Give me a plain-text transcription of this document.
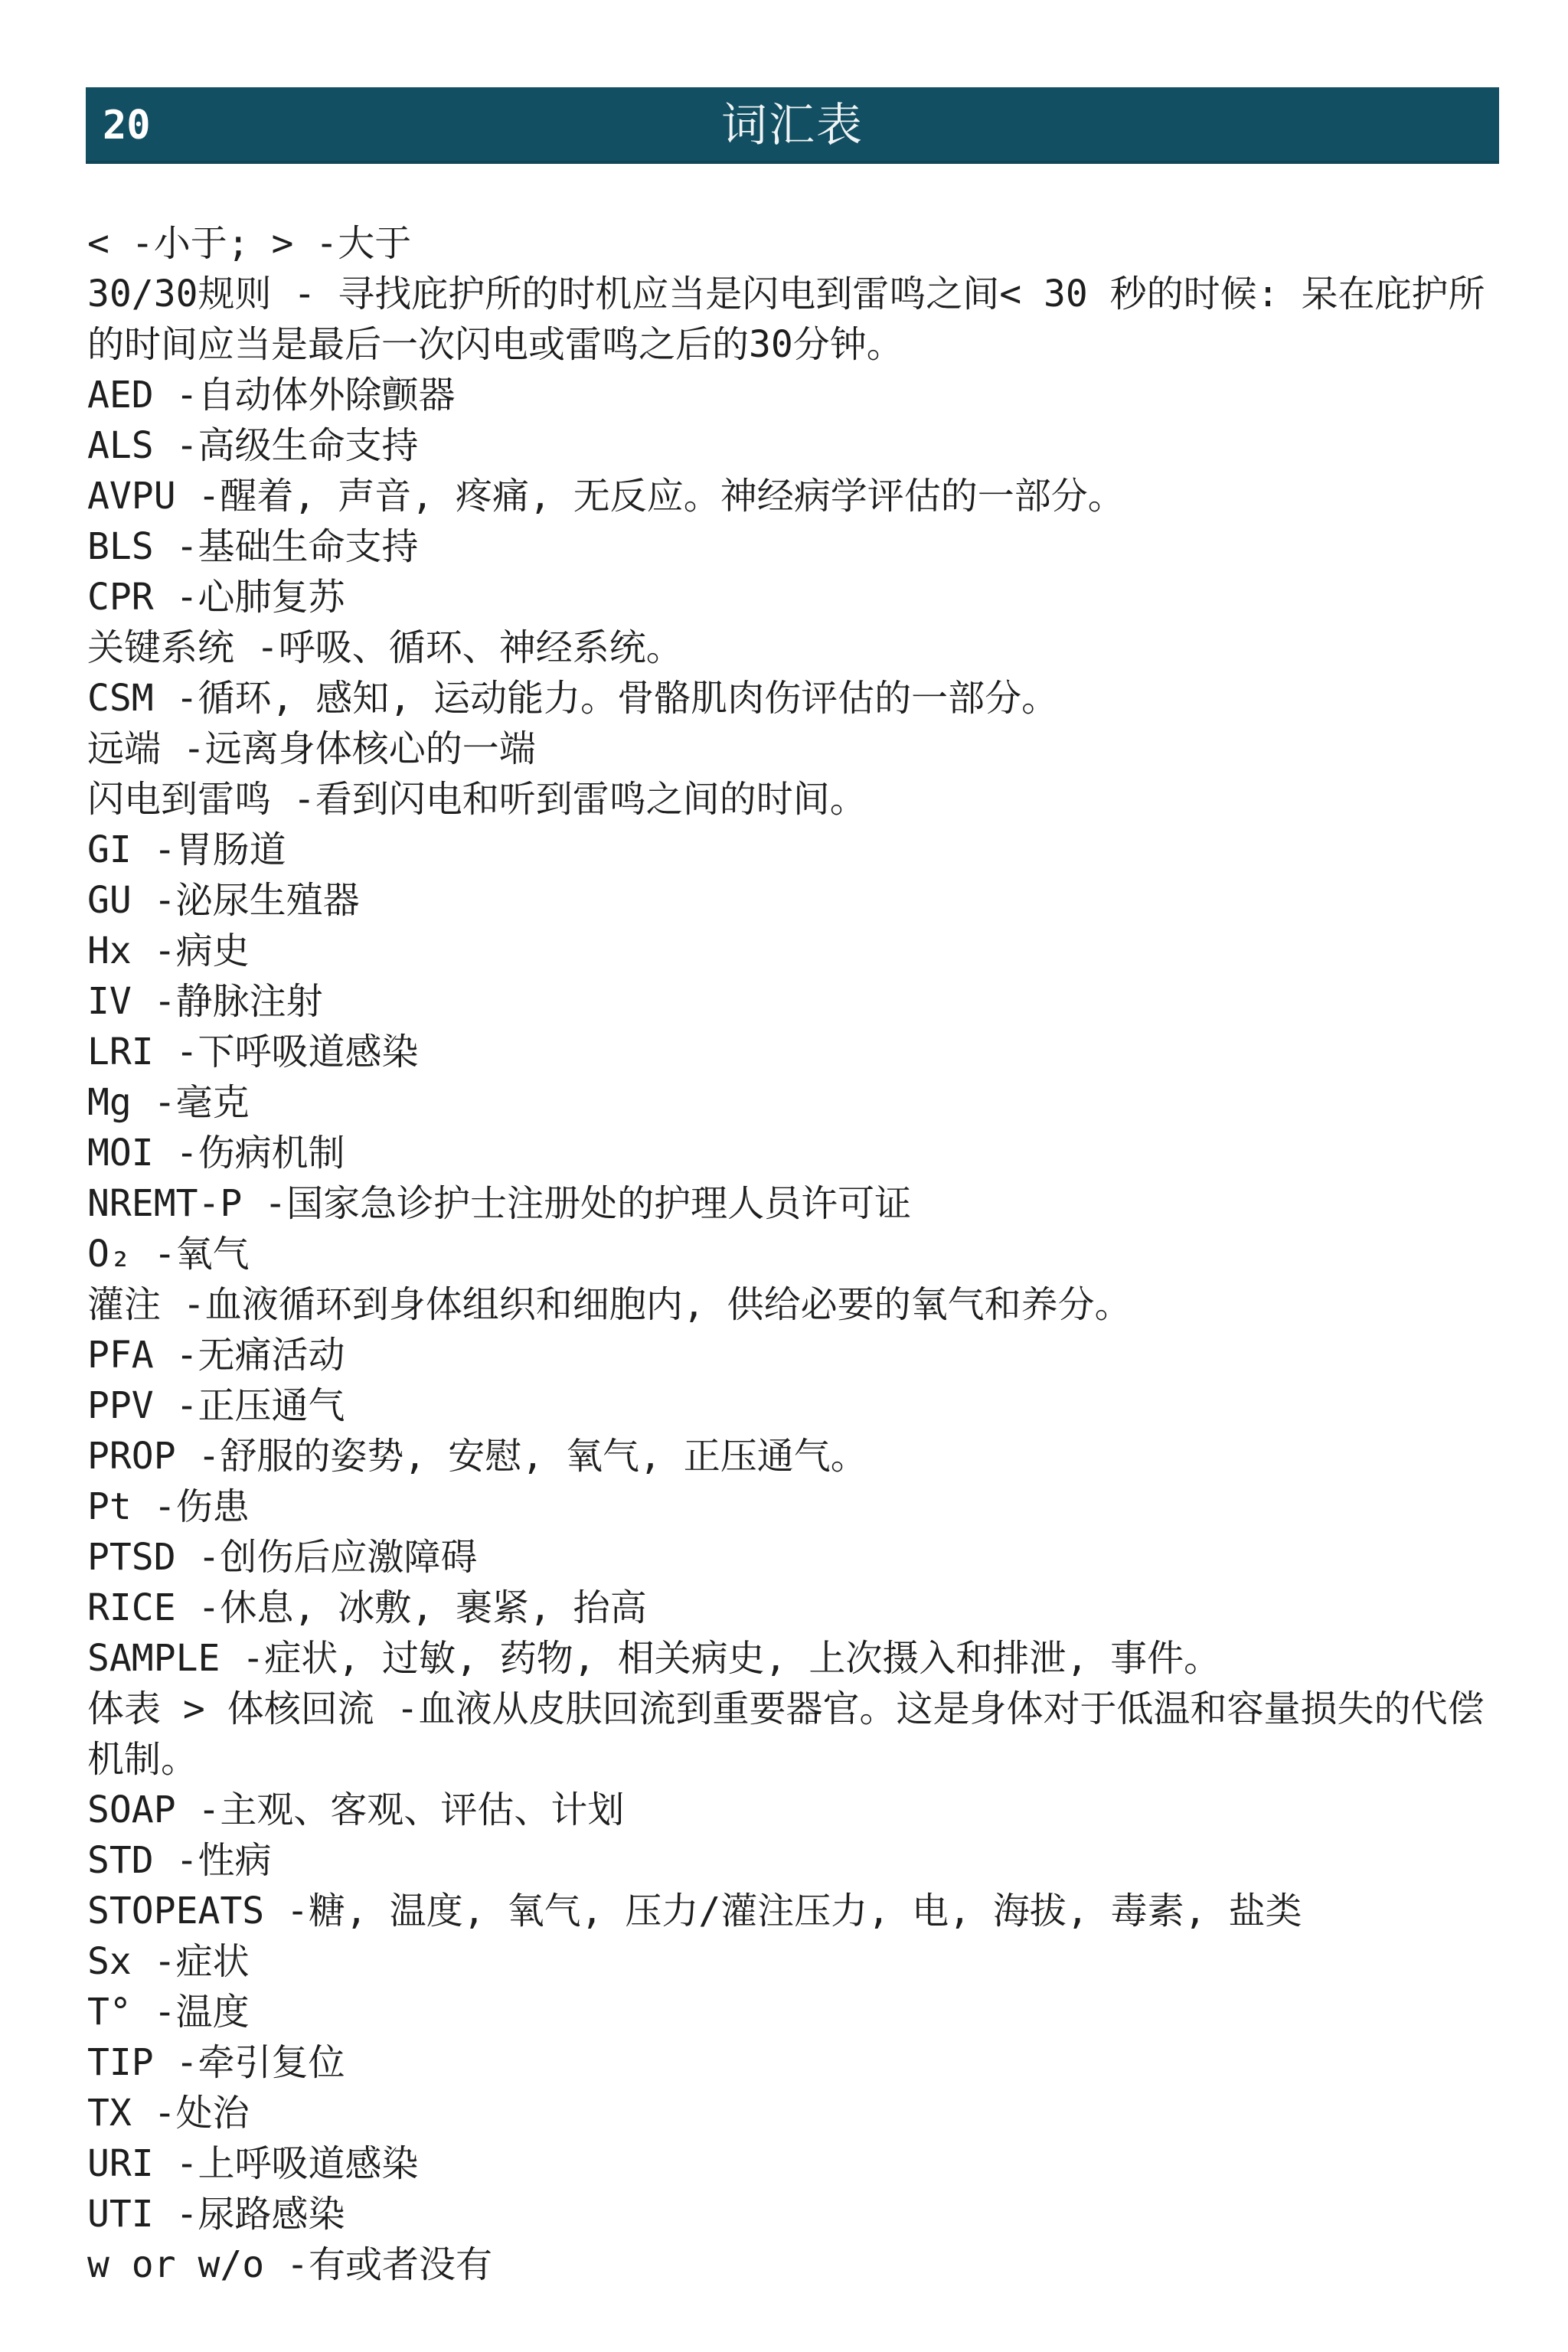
20	词汇表
< -小于; > -大于
30/30规则 - 寻找庇护所的时机应当是闪电到雷鸣之间< 30 秒的时候: 呆在庇护所的时间应当是最后一次闪电或雷鸣之后的30分钟。
AED -自动体外除颤器
ALS -高级生命支持
AVPU -醒着, 声音, 疼痛, 无反应。神经病学评估的一部分。
BLS -基础生命支持
CPR -心肺复苏
关键系统 -呼吸、循环、神经系统。
CSM -循环, 感知, 运动能力。骨骼肌肉伤评估的一部分。
远端 -远离身体核心的一端
闪电到雷鸣 -看到闪电和听到雷鸣之间的时间。
GI -胃肠道
GU -泌尿生殖器
Hx -病史
IV -静脉注射
LRI -下呼吸道感染
Mg -毫克
MOI -伤病机制
NREMT-P -国家急诊护士注册处的护理人员许可证
O₂ -氧气
灌注 -血液循环到身体组织和细胞内, 供给必要的氧气和养分。
PFA -无痛活动
PPV -正压通气
PROP -舒服的姿势, 安慰, 氧气, 正压通气。
Pt -伤患
PTSD -创伤后应激障碍
RICE -休息, 冰敷, 裹紧, 抬高
SAMPLE -症状, 过敏, 药物, 相关病史, 上次摄入和排泄, 事件。
体表 > 体核回流 -血液从皮肤回流到重要器官。这是身体对于低温和容量损失的代偿机制。
SOAP -主观、客观、评估、计划
STD -性病
STOPEATS -糖, 温度, 氧气, 压力/灌注压力, 电, 海拔, 毒素, 盐类
Sx -症状
T° -温度
TIP -牵引复位
TX -处治
URI -上呼吸道感染
UTI -尿路感染
w or w/o -有或者没有
